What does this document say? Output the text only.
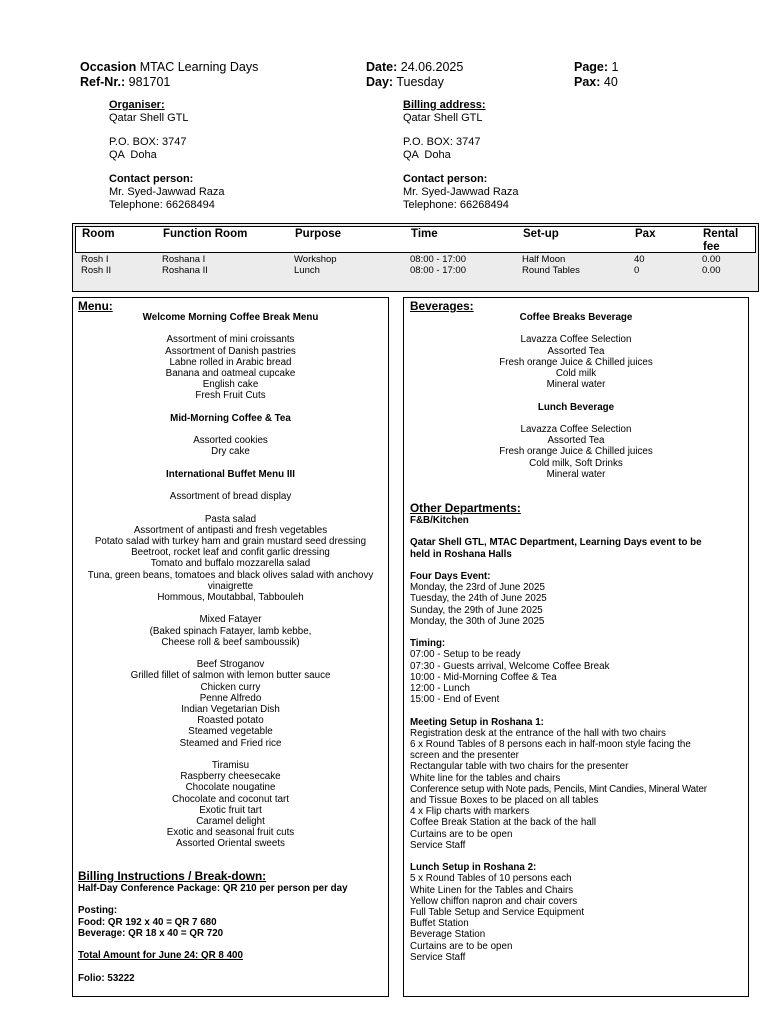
Occasion MTAC Learning Days
Ref-Nr.: 981701
Date: 24.06.2025
Day: Tuesday
Page: 1
Pax: 40
Organiser:
Qatar Shell GTL
P.O. BOX: 3747
QA  Doha
Contact person:
Mr. Syed-Jawwad Raza
Telephone: 66268494
Billing address:
Qatar Shell GTL
P.O. BOX: 3747
QA  Doha
Contact person:
Mr. Syed-Jawwad Raza
Telephone: 66268494
Room	Function Room	Purpose	Time	Set-up	Pax	Rental
fee
Rosh I	Roshana I	Workshop	08:00 - 17:00	Half Moon	40	0.00
Rosh II	Roshana II	Lunch	08:00 - 17:00	Round Tables	0	0.00
Menu:
Welcome Morning Coffee Break Menu
Assortment of mini croissants
Assortment of Danish pastries
Labne rolled in Arabic bread
Banana and oatmeal cupcake
English cake
Fresh Fruit Cuts
Mid-Morning Coffee & Tea
Assorted cookies
Dry cake
International Buffet Menu III
Assortment of bread display
Pasta salad
Assortment of antipasti and fresh vegetables
Potato salad with turkey ham and grain mustard seed dressing
Beetroot, rocket leaf and confit garlic dressing
Tomato and buffalo mozzarella salad
Tuna, green beans, tomatoes and black olives salad with anchovy
vinaigrette
Hommous, Moutabbal, Tabbouleh
Mixed Fatayer
(Baked spinach Fatayer, lamb kebbe,
Cheese roll & beef samboussik)
Beef Stroganov
Grilled fillet of salmon with lemon butter sauce
Chicken curry
Penne Alfredo
Indian Vegetarian Dish
Roasted potato
Steamed vegetable
Steamed and Fried rice
Tiramisu
Raspberry cheesecake
Chocolate nougatine
Chocolate and coconut tart
Exotic fruit tart
Caramel delight
Exotic and seasonal fruit cuts
Assorted Oriental sweets
Billing Instructions / Break-down:
Half-Day Conference Package: QR 210 per person per day
Posting:
Food: QR 192 x 40 = QR 7 680
Beverage: QR 18 x 40 = QR 720
Total Amount for June 24: QR 8 400
Folio: 53222
Beverages:
Coffee Breaks Beverage
Lavazza Coffee Selection
Assorted Tea
Fresh orange Juice & Chilled juices
Cold milk
Mineral water
Lunch Beverage
Lavazza Coffee Selection
Assorted Tea
Fresh orange Juice & Chilled juices
Cold milk, Soft Drinks
Mineral water
Other Departments:
F&B/Kitchen
Qatar Shell GTL, MTAC Department, Learning Days event to be
held in Roshana Halls
Four Days Event:
Monday, the 23rd of June 2025
Tuesday, the 24th of June 2025
Sunday, the 29th of June 2025
Monday, the 30th of June 2025
Timing:
07:00 - Setup to be ready
07:30 - Guests arrival, Welcome Coffee Break
10:00 - Mid-Morning Coffee & Tea
12:00 - Lunch
15:00 - End of Event
Meeting Setup in Roshana 1:
Registration desk at the entrance of the hall with two chairs
6 x Round Tables of 8 persons each in half-moon style facing the
screen and the presenter
Rectangular table with two chairs for the presenter
White line for the tables and chairs
Conference setup with Note pads, Pencils, Mint Candies, Mineral Water
and Tissue Boxes to be placed on all tables
4 x Flip charts with markers
Coffee Break Station at the back of the hall
Curtains are to be open
Service Staff
Lunch Setup in Roshana 2:
5 x Round Tables of 10 persons each
White Linen for the Tables and Chairs
Yellow chiffon napron and chair covers
Full Table Setup and Service Equipment
Buffet Station
Beverage Station
Curtains are to be open
Service Staff
